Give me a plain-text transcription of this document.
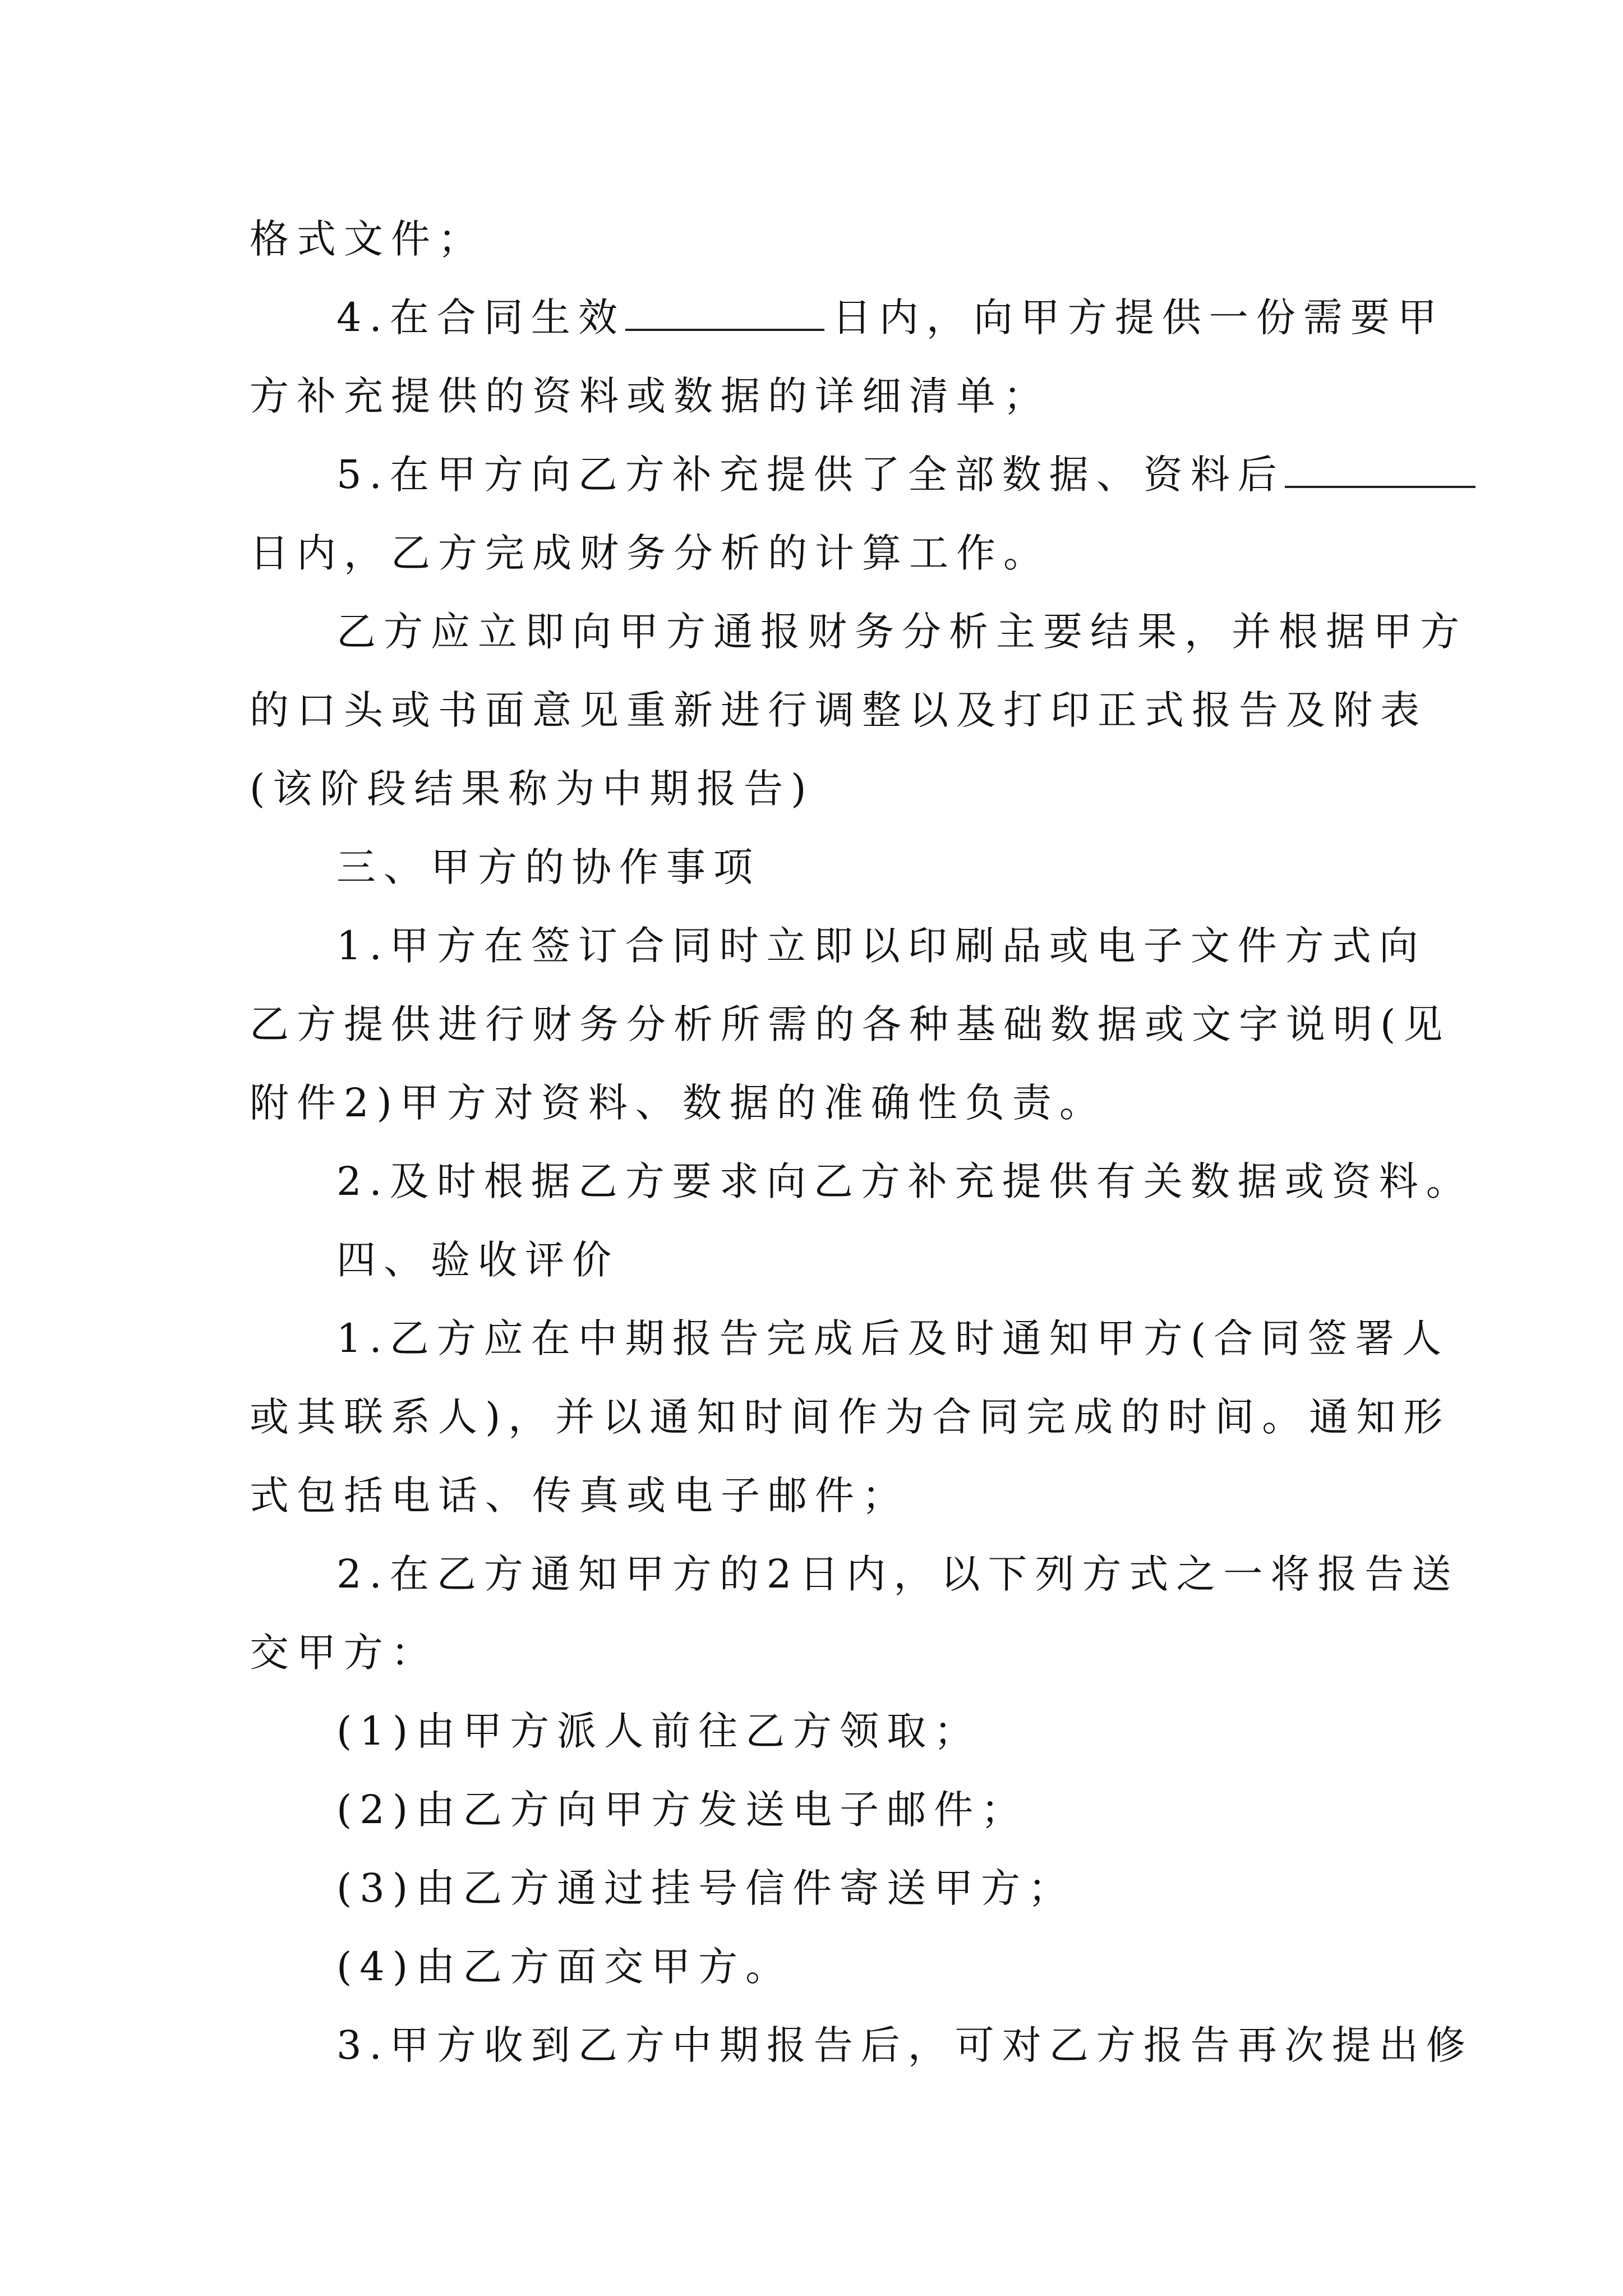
格式文件；
4.在合同生效	日内，向甲方提供一份需要甲
方补充提供的资料或数据的详细清单；
5.在甲方向乙方补充提供了全部数据、资料后
日内，乙方完成财务分析的计算工作。
乙方应立即向甲方通报财务分析主要结果，并根据甲方
的口头或书面意见重新进行调整以及打印正式报告及附表
(该阶段结果称为中期报告)
三、甲方的协作事项
1.甲方在签订合同时立即以印刷品或电子文件方式向
乙方提供进行财务分析所需的各种基础数据或文字说明(见
附件2)甲方对资料、数据的准确性负责。
2.及时根据乙方要求向乙方补充提供有关数据或资料。
四、验收评价
1.乙方应在中期报告完成后及时通知甲方(合同签署人
或其联系人)，并以通知时间作为合同完成的时间。通知形
式包括电话、传真或电子邮件；
2.在乙方通知甲方的2日内，以下列方式之一将报告送
交甲方：
(1)由甲方派人前往乙方领取；
(2)由乙方向甲方发送电子邮件；
(3)由乙方通过挂号信件寄送甲方；
(4)由乙方面交甲方。
3.甲方收到乙方中期报告后，可对乙方报告再次提出修
